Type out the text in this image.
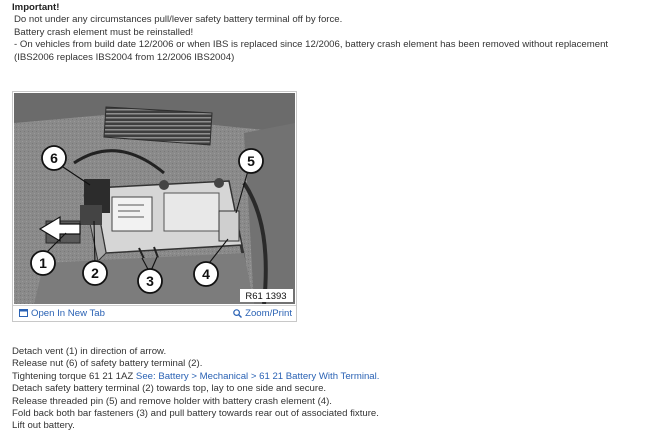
Important!

Do not under any circumstances pull/lever safety battery terminal off by force.

Battery crash element must be reinstalled!

- On vehicles from build date 12/2006 or when IBS is replaced since 12/2006, battery crash element has been removed without replacement (IBS2006 replaces IBS2004 from 12/2006 IBS2004)

6
1
2	3	4
5
R61 1393
Open In New Tab	Zoom/Print

Detach vent (1) in direction of arrow.

Release nut (6) of safety battery terminal (2).

Tightening torque 61 21 1AZ See: Battery > Mechanical > 61 21 Battery With Terminal.

Detach safety battery terminal (2) towards top, lay to one side and secure.

Release threaded pin (5) and remove holder with battery crash element (4).

Fold back both bar fasteners (3) and pull battery towards rear out of associated fixture.

Lift out battery.
